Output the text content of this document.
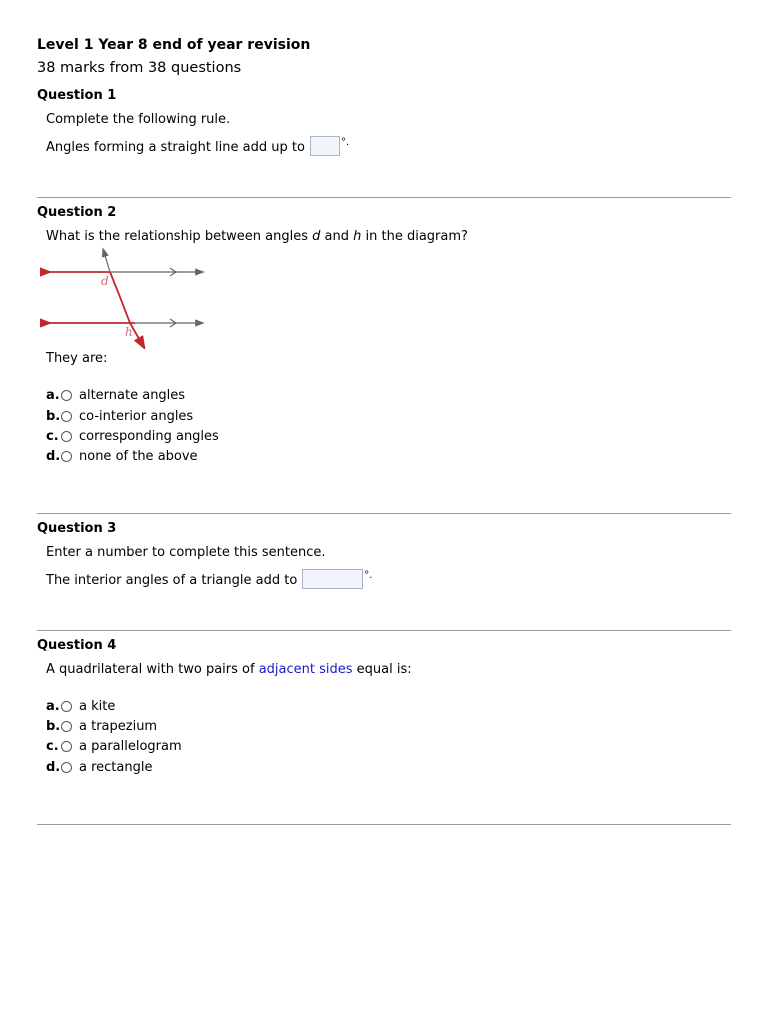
Level 1 Year 8 end of year revision
38 marks from 38 questions
Question 1
Complete the following rule.
Angles forming a straight line add up to	°.
Question 2
What is the relationship between angles d and h in the diagram?
d
h
They are:
a. alternate angles
b. co-interior angles
c. corresponding angles
d. none of the above
Question 3
Enter a number to complete this sentence.
The interior angles of a triangle add to	°.
Question 4
A quadrilateral with two pairs of adjacent sides equal is:
a. a kite
b. a trapezium
c. a parallelogram
d. a rectangle
